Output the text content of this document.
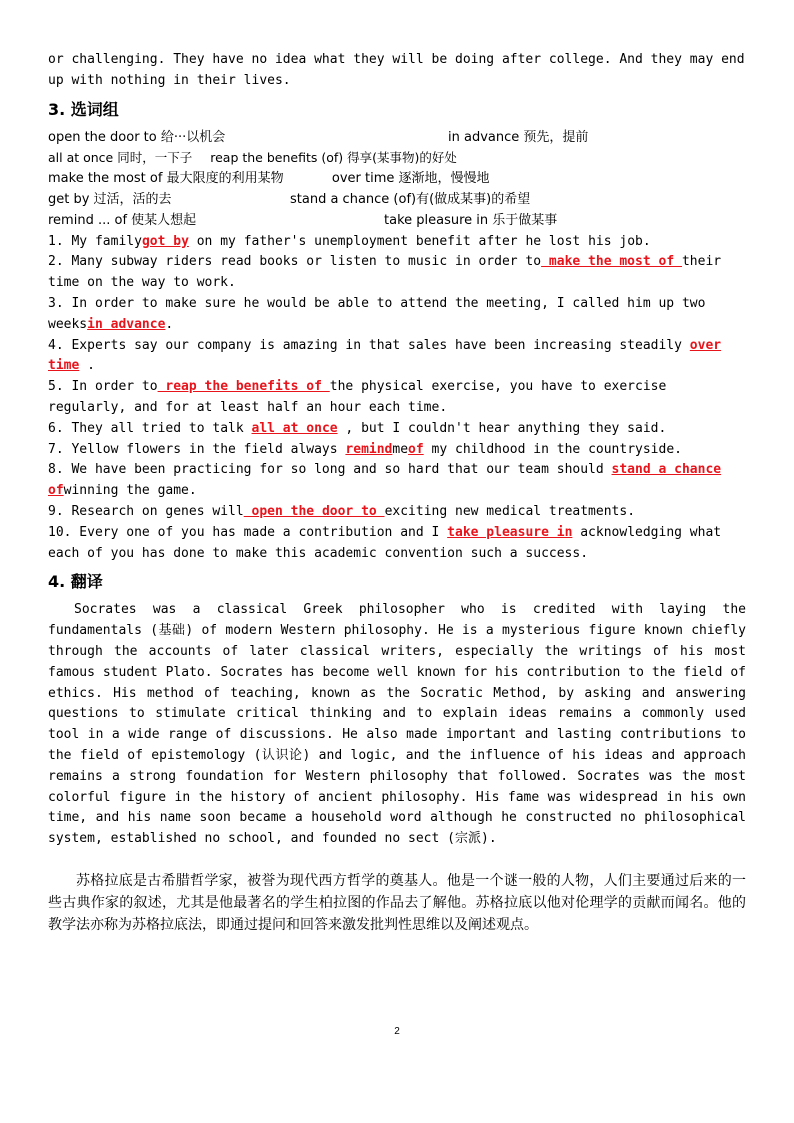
or challenging. They have no idea what they will be doing after college. And they may end

up with nothing in their lives.

3. 选词组
open the door to 给···以机会	in advance 预先，提前
all at once 同时，一下子 reap the benefits (of) 得享(某事物)的好处
make the most of 最大限度的利用某物	over time 逐渐地，慢慢地
get by 过活，活的去	stand a chance (of)有(做成某事)的希望
remind ... of 使某人想起	take pleasure in 乐于做某事

1. My familygot by on my father's unemployment benefit after he lost his job.

2. Many subway riders read books or listen to music in order to make the most of their time on the way to work.

3. In order to make sure he would be able to attend the meeting, I called him up two weeksin advance.

4. Experts say our company is amazing in that sales have been increasing steadily over time .

5. In order to reap the benefits of the physical exercise, you have to exercise regularly, and for at least half an hour each time.

6. They all tried to talk all at once , but I couldn't hear anything they said.

7. Yellow flowers in the field always remindmeof my childhood in the countryside.

8. We have been practicing for so long and so hard that our team should stand a chance ofwinning the game.

9. Research on genes will open the door to exciting new medical treatments.

10. Every one of you has made a contribution and I take pleasure in acknowledging what each of you has done to make this academic convention such a success.

4. 翻译

Socrates was a classical Greek philosopher who is credited with laying the fundamentals (基础) of modern Western philosophy. He is a mysterious figure known chiefly through the accounts of later classical writers, especially the writings of his most famous student Plato. Socrates has become well known for his contribution to the field of ethics. His method of teaching, known as the Socratic Method, by asking and answering questions to stimulate critical thinking and to explain ideas remains a commonly used tool in a wide range of discussions. He also made important and lasting contributions to the field of epistemology (认识论) and logic, and the influence of his ideas and approach remains a strong foundation for Western philosophy that followed. Socrates was the most colorful figure in the history of ancient philosophy. His fame was widespread in his own time, and his name soon became a household word although he constructed no philosophical system, established no school, and founded no sect (宗派).

苏格拉底是古希腊哲学家，被誉为现代西方哲学的奠基人。他是一个谜一般的人物，人们主要通过后来的一些古典作家的叙述，尤其是他最著名的学生柏拉图的作品去了解他。苏格拉底以他对伦理学的贡献而闻名。他的教学法亦称为苏格拉底法，即通过提问和回答来激发批判性思维以及阐述观点。

2
